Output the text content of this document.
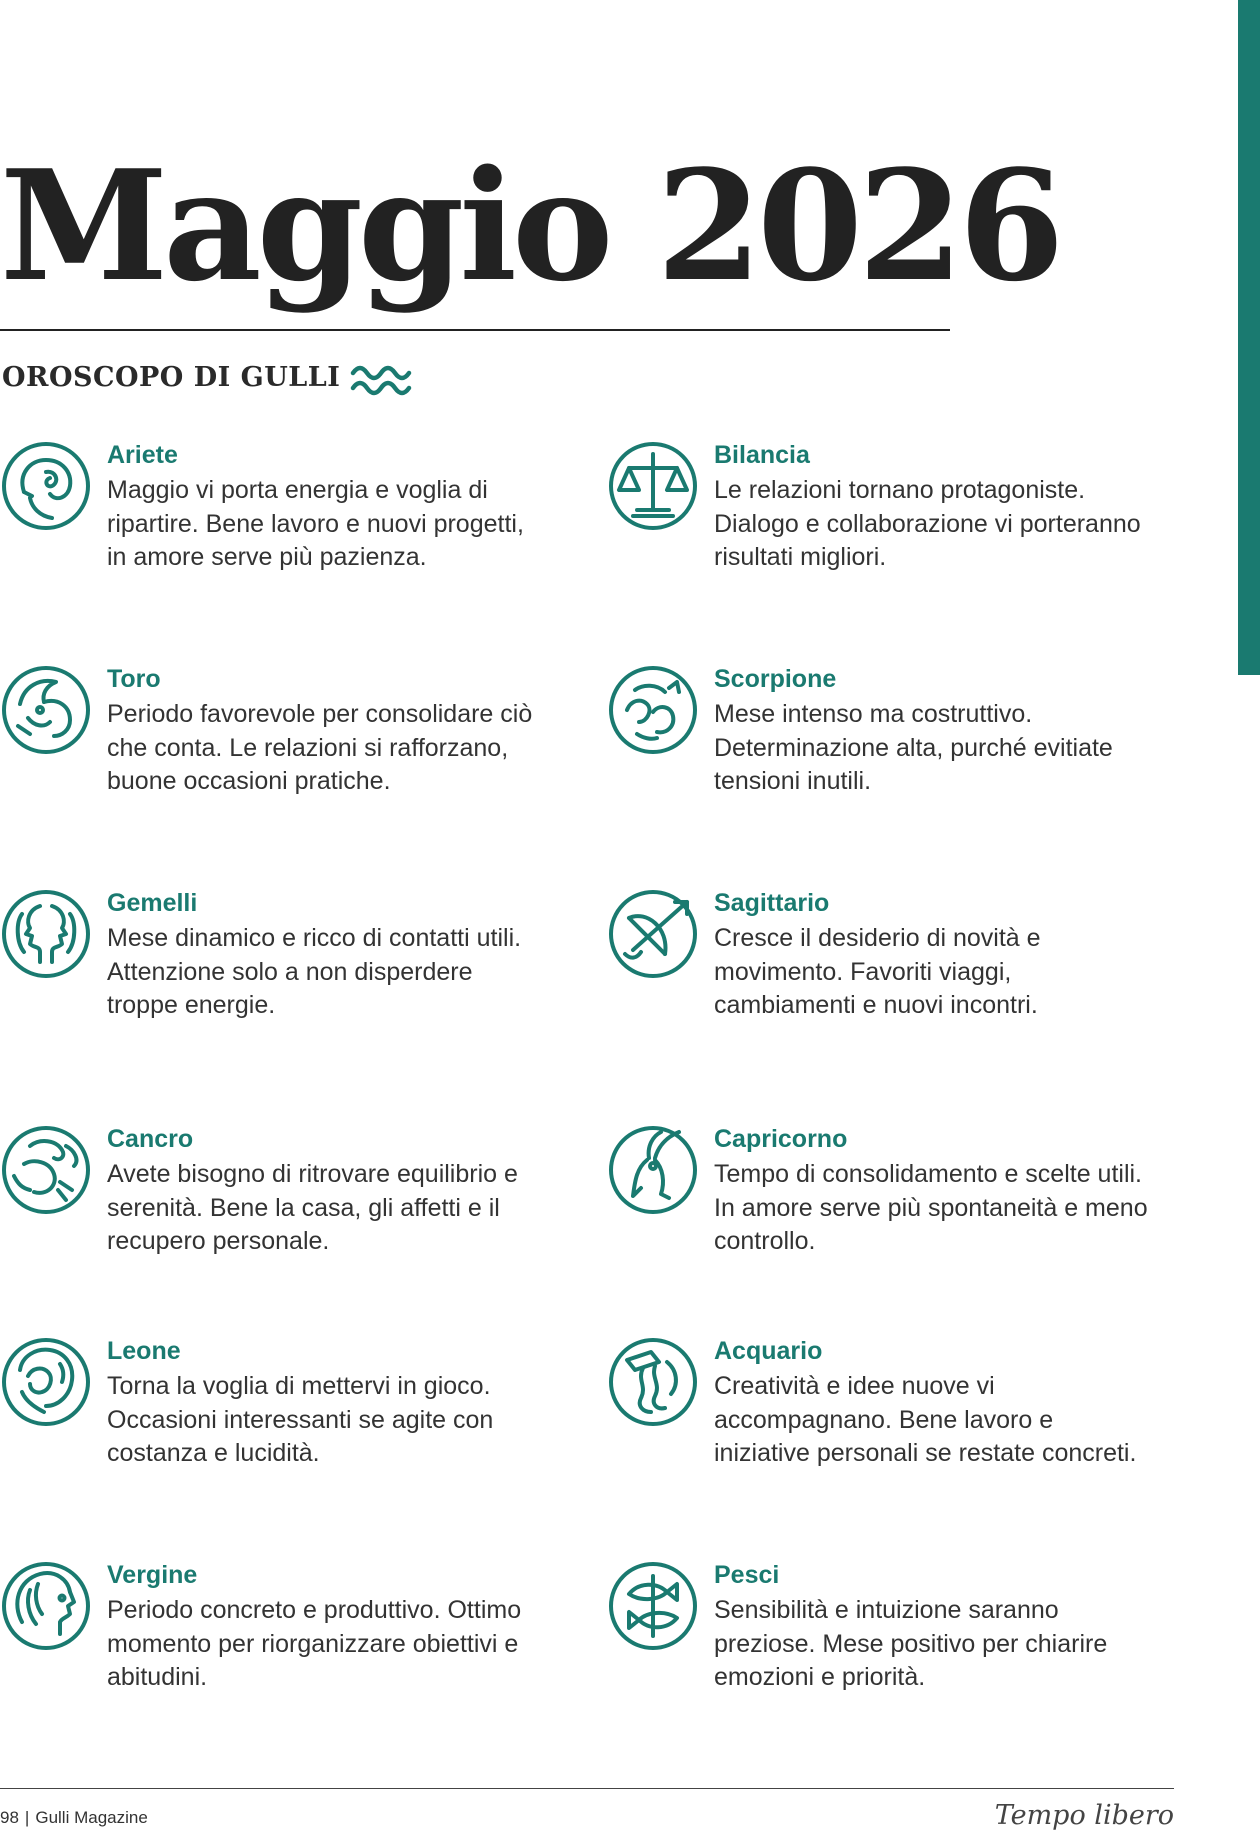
Maggio 2026
OROSCOPO DI GULLI
Ariete
Maggio vi porta energia e voglia di ripartire. Bene lavoro e nuovi progetti, in amore serve più pazienza.
Bilancia
Le relazioni tornano protagoniste. Dialogo e collaborazione vi porteranno risultati migliori.
Toro
Periodo favorevole per consolidare ciò che conta. Le relazioni si rafforzano, buone occasioni pratiche.
Scorpione
Mese intenso ma costruttivo. Determinazione alta, purché evitiate tensioni inutili.
Gemelli
Mese dinamico e ricco di contatti utili. Attenzione solo a non disperdere troppe energie.
Sagittario
Cresce il desiderio di novità e movimento. Favoriti viaggi, cambiamenti e nuovi incontri.
Cancro
Avete bisogno di ritrovare equilibrio e serenità. Bene la casa, gli affetti e il recupero personale.
Capricorno
Tempo di consolidamento e scelte utili. In amore serve più spontaneità e meno controllo.
Leone
Torna la voglia di mettervi in gioco. Occasioni interessanti se agite con costanza e lucidità.
Acquario
Creatività e idee nuove vi accompagnano. Bene lavoro e iniziative personali se restate concreti.
Vergine
Periodo concreto e produttivo. Ottimo momento per riorganizzare obiettivi e abitudini.
Pesci
Sensibilità e intuizione saranno preziose. Mese positivo per chiarire emozioni e priorità.
98 | Gulli Magazine	Tempo libero
